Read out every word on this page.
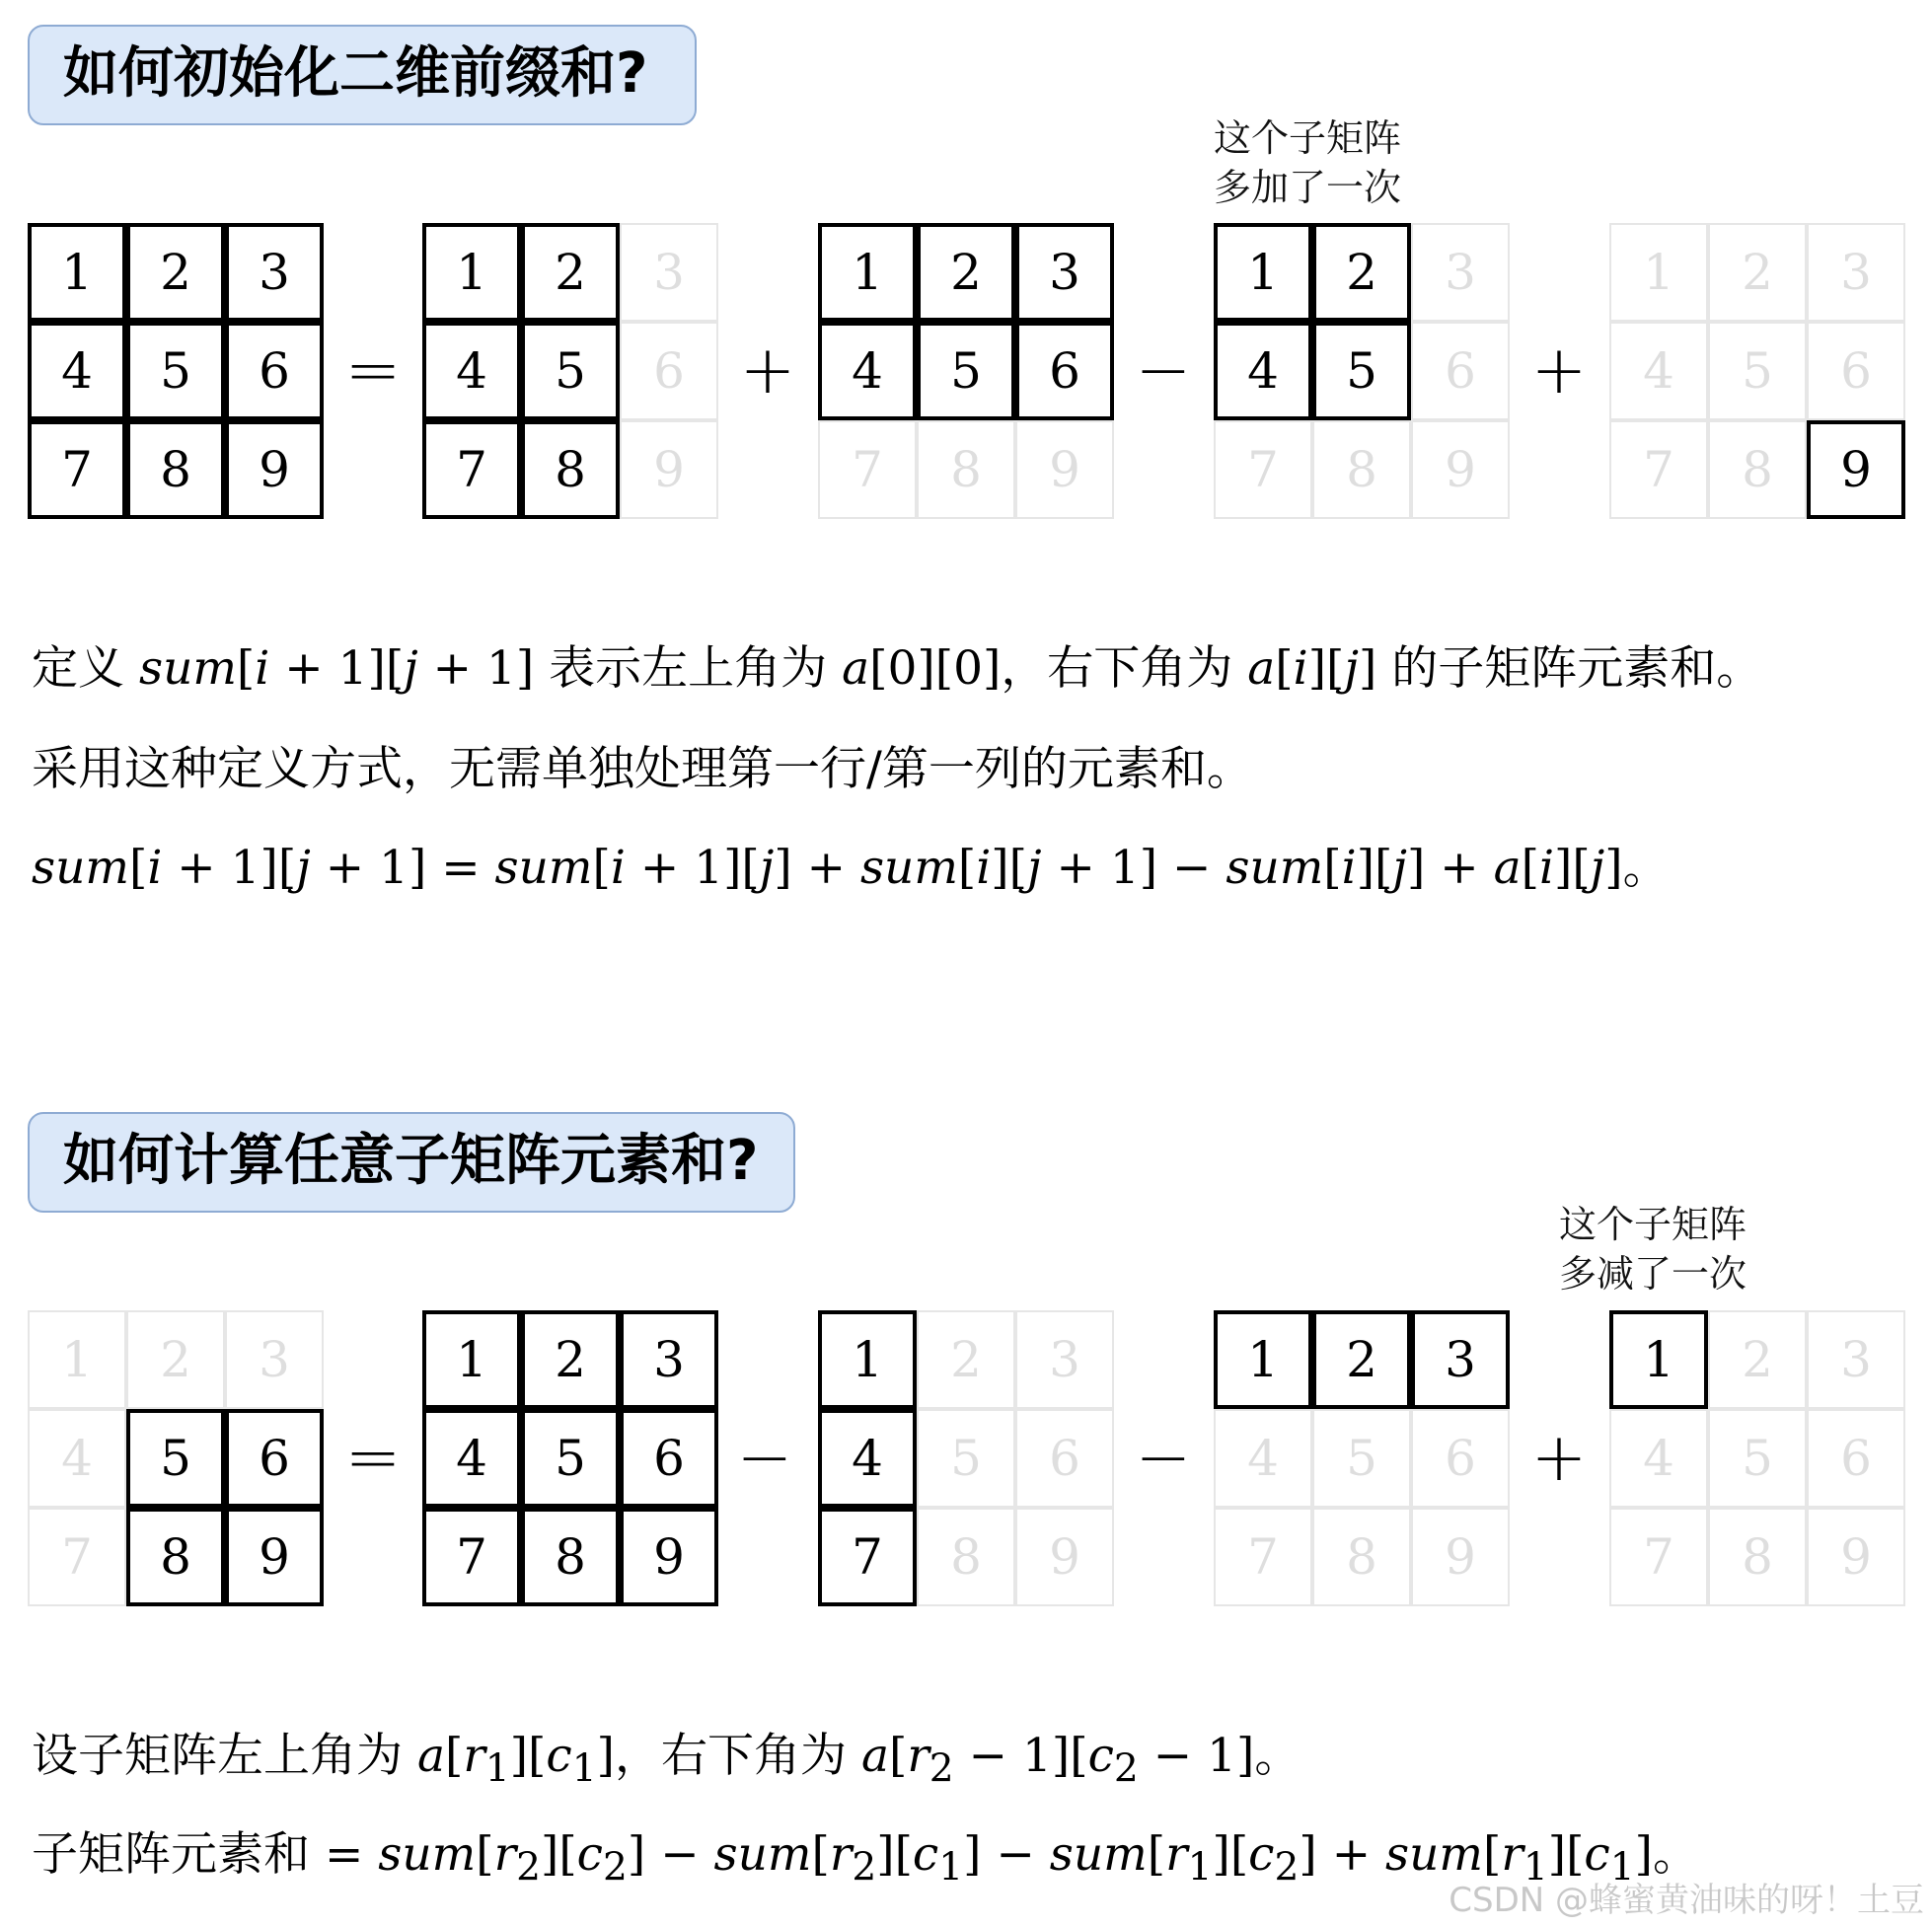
如何初始化二维前缀和?
这个子矩阵
多加了一次
1	2	3
4	5	6
7	8	9
=
1	2	3
4	5	6
7	8	9
+
1	2	3
4	5	6
7	8	9
−
1	2	3
4	5	6
7	8	9
+
1	2	3
4	5	6
7	8	9
定义 sum[i + 1][j + 1] 表示左上角为 a[0][0]，右下角为 a[i][j] 的子矩阵元素和。
采用这种定义方式，无需单独处理第一行/第一列的元素和。
sum[i + 1][j + 1] = sum[i + 1][j] + sum[i][j + 1] − sum[i][j] + a[i][j]。
如何计算任意子矩阵元素和?
这个子矩阵
多减了一次
1	2	3
4	5	6
7	8	9
=
1	2	3
4	5	6
7	8	9
−
1	2	3
4	5	6
7	8	9
−
1	2	3
4	5	6
7	8	9
+
1	2	3
4	5	6
7	8	9
设子矩阵左上角为 $a[r_1][c_1]$，右下角为 $a[r_2 - 1][c_2 - 1]$。
子矩阵元素和 = $sum[r_2][c_2] - sum[r_2][c_1] - sum[r_1][c_2] + sum[r_1][c_1]$。
CSDN @蜂蜜黄油味的呀！土豆
